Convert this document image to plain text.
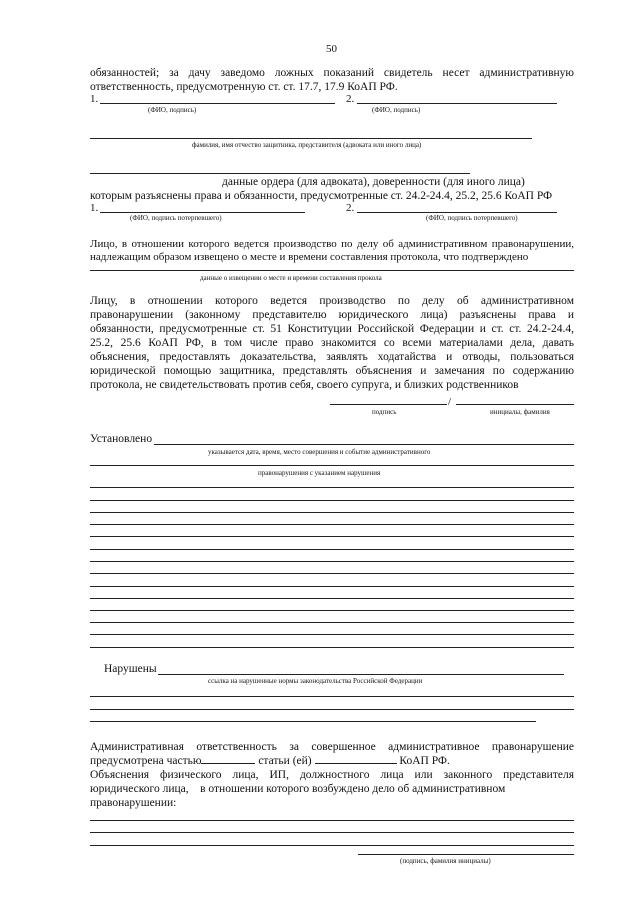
50
обязанностей; за дачу заведомо ложных показаний свидетель несет административную
ответственность, предусмотренную ст. ст. 17.7, 17.9 КоАП РФ.
1.	2.
(ФИО, подпись)	(ФИО, подпись)
фамилия, имя отчество защитника, представителя (адвоката или иного лица)
данные ордера (для адвоката), доверенности (для иного лица)
которым разъяснены права и обязанности, предусмотренные ст. 24.2-24.4, 25.2, 25.6 КоАП РФ
1.	2.
(ФИО, подпись потерпевшего)	(ФИО, подпись потерпевшего)
Лицо, в отношении которого ведется производство по делу об административном правонарушении,
надлежащим образом извещено о месте и времени составления протокола, что подтверждено
данные о извещении о месте и времени составления прокола
Лицу, в отношении которого ведется производство по делу об административном
правонарушении (законному представителю юридического лица) разъяснены права и
обязанности, предусмотренные ст. 51 Конституции Российской Федерации и ст. ст. 24.2-24.4,
25.2, 25.6 КоАП РФ, в том числе право знакомится со всеми материалами дела, давать
объяснения, предоставлять доказательства, заявлять ходатайства и отводы, пользоваться
юридической помощью защитника, представлять объяснения и замечания по содержанию
протокола, не свидетельствовать против себя, своего супруга, и близких родственников
/
подпись	инициалы, фамилия
Установлено
указывается дата, время, место совершения и событие административного
правонарушения с указанием нарушения
Нарушены
ссылка на нарушенные нормы законодательства Российской Федерации
Административная ответственность за совершенное административное правонарушение
предусмотрена частью	статьи (ей)	КоАП РФ.
Объяснения физического лица, ИП, должностного лица или законного представителя
юридического лица,    в отношении которого возбуждено дело об административном
правонарушении:
(подпись, фамилия инициалы)
